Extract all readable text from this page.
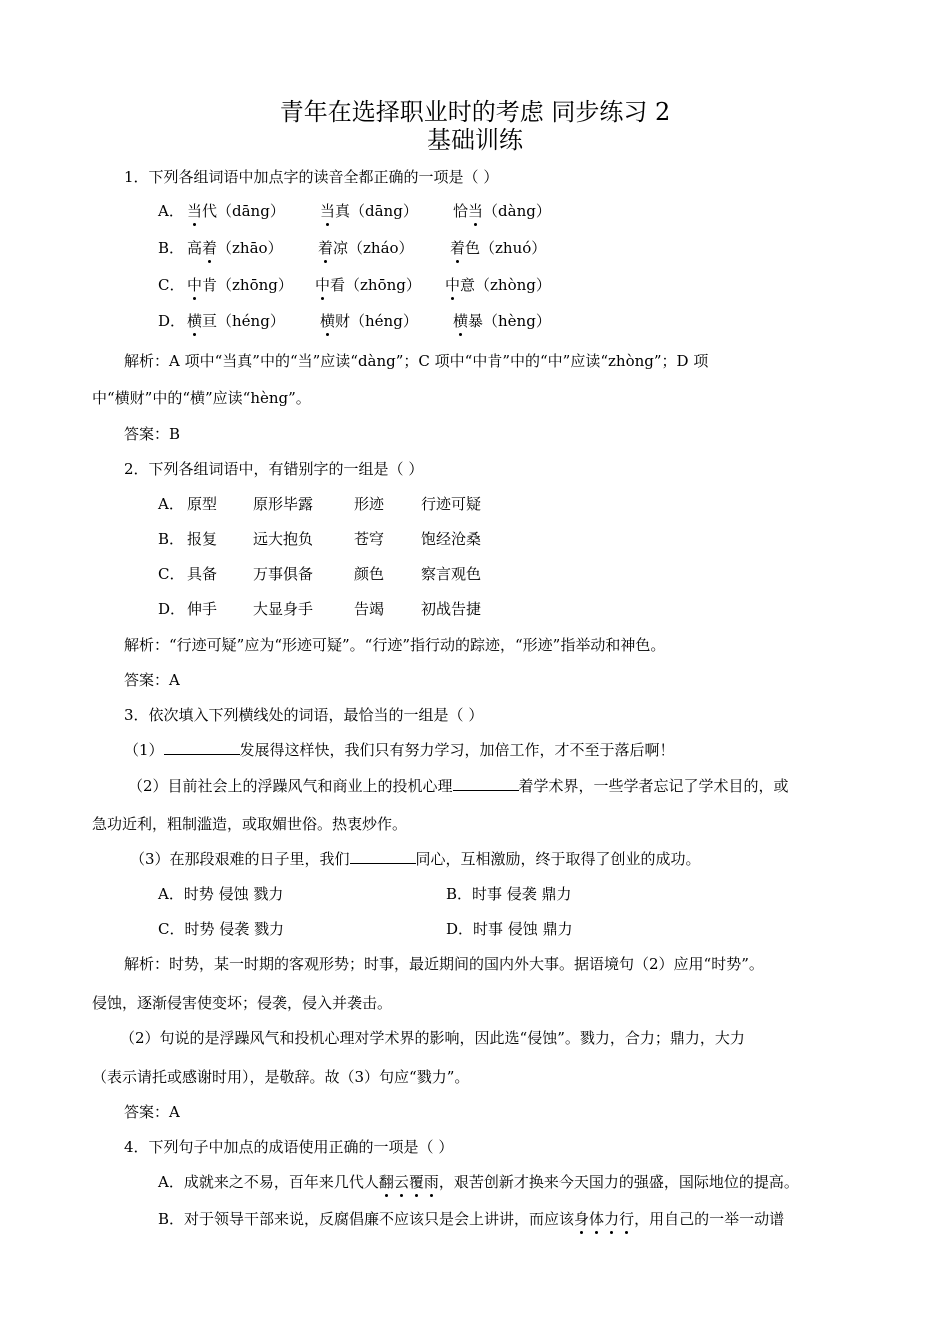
青年在选择职业时的考虑 同步练习 2
基础训练
1．下列各组词语中加点字的读音全都正确的一项是（ ）
A． 当代（dāng） 当真（dāng） 恰当（dàng）
B． 高着（zhāo） 着凉（zháo） 着色（zhuó）
C． 中肯（zhōng） 中看（zhōng） 中意（zhòng）
D． 横亘（héng） 横财（héng） 横暴（hèng）
解析：A 项中“当真”中的“当”应读“dàng”；C 项中“中肯”中的“中”应读“zhòng”；D 项
中“横财”中的“横”应读“hèng”。
答案：B
2．下列各组词语中，有错别字的一组是（ ）
A． 原型 原形毕露	形迹 行迹可疑
B． 报复 远大抱负	苍穹 饱经沧桑
C． 具备 万事俱备	颜色 察言观色
D． 伸手 大显身手	告竭 初战告捷
解析：“行迹可疑”应为“形迹可疑”。“行迹”指行动的踪迹，“形迹”指举动和神色。
答案：A
3．依次填入下列横线处的词语，最恰当的一组是（ ）
（1）	发展得这样快，我们只有努力学习，加倍工作，才不至于落后啊！
（2）目前社会上的浮躁风气和商业上的投机心理	着学术界，一些学者忘记了学术目的，或
急功近利，粗制滥造，或取媚世俗。热衷炒作。
（3）在那段艰难的日子里，我们	同心，互相激励，终于取得了创业的成功。
A．时势 侵蚀 戮力	B．时事 侵袭 鼎力
C．时势 侵袭 戮力	D．时事 侵蚀 鼎力
解析：时势，某一时期的客观形势；时事，最近期间的国内外大事。据语境句（2）应用“时势”。
侵蚀，逐渐侵害使变坏；侵袭，侵入并袭击。
（2）句说的是浮躁风气和投机心理对学术界的影响，因此选“侵蚀”。戮力，合力；鼎力，大力
（表示请托或感谢时用），是敬辞。故（3）句应“戮力”。
答案：A
4．下列句子中加点的成语使用正确的一项是（ ）
A．成就来之不易，百年来几代人翻云覆雨，艰苦创新才换来今天国力的强盛，国际地位的提高。
B．对于领导干部来说，反腐倡廉不应该只是会上讲讲，而应该身体力行，用自己的一举一动谱
